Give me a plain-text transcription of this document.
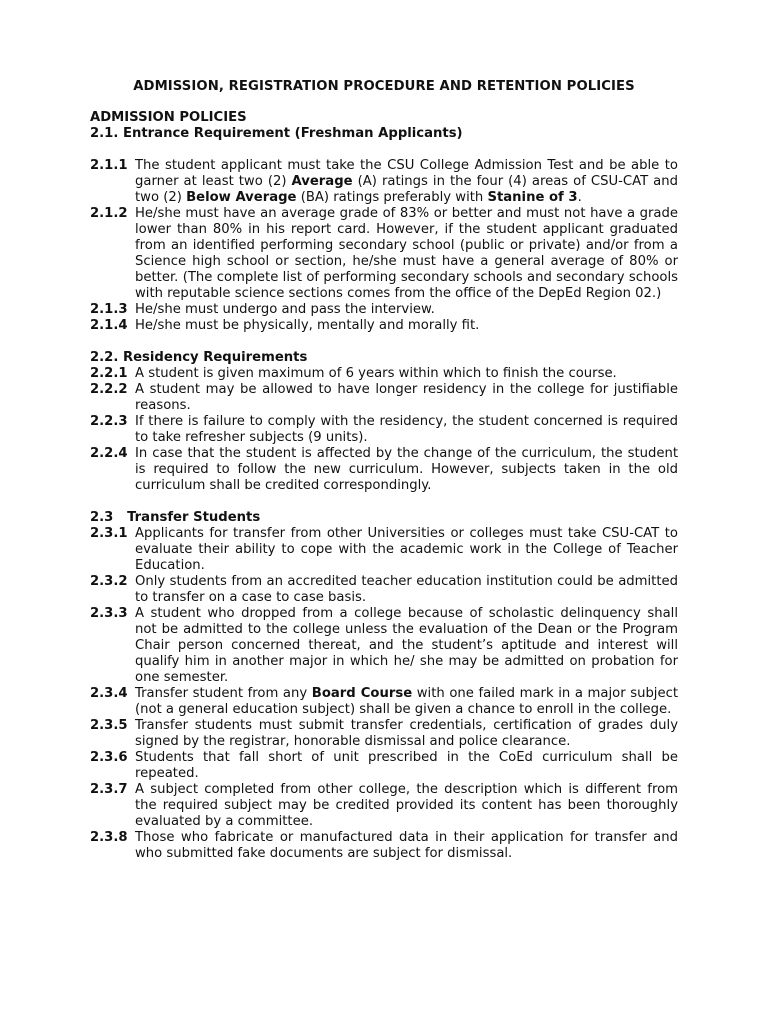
ADMISSION, REGISTRATION PROCEDURE AND RETENTION POLICIES
ADMISSION POLICIES
2.1. Entrance Requirement (Freshman Applicants)
2.1.1 The student applicant must take the CSU College Admission Test and be able to garner at least two (2) Average (A) ratings in the four (4) areas of CSU-CAT and two (2) Below Average (BA) ratings preferably with Stanine of 3.
2.1.2 He/she must have an average grade of 83% or better and must not have a grade lower than 80% in his report card. However, if the student applicant graduated from an identified performing secondary school (public or private) and/or from a Science high school or section, he/she must have a general average of 80% or better. (The complete list of performing secondary schools and secondary schools with reputable science sections comes from the office of the DepEd Region 02.)
2.1.3 He/she must undergo and pass the interview.
2.1.4 He/she must be physically, mentally and morally fit.
2.2. Residency Requirements
2.2.1 A student is given maximum of 6 years within which to finish the course.
2.2.2 A student may be allowed to have longer residency in the college for justifiable reasons.
2.2.3 If there is failure to comply with the residency, the student concerned is required to take refresher subjects (9 units).
2.2.4 In case that the student is affected by the change of the curriculum, the student is required to follow the new curriculum. However, subjects taken in the old curriculum shall be credited correspondingly.
2.3   Transfer Students
2.3.1 Applicants for transfer from other Universities or colleges must take CSU-CAT to evaluate their ability to cope with the academic work in the College of Teacher Education.
2.3.2 Only students from an accredited teacher education institution could be admitted to transfer on a case to case basis.
2.3.3 A student who dropped from a college because of scholastic delinquency shall not be admitted to the college unless the evaluation of the Dean or the Program Chair person concerned thereat, and the student’s aptitude and interest will qualify him in another major in which he/ she may be admitted on probation for one semester.
2.3.4 Transfer student from any Board Course with one failed mark in a major subject (not a general education subject) shall be given a chance to enroll in the college.
2.3.5 Transfer students must submit transfer credentials, certification of grades duly signed by the registrar, honorable dismissal and police clearance.
2.3.6 Students that fall short of unit prescribed in the CoEd curriculum shall be repeated.
2.3.7 A subject completed from other college, the description which is different from the required subject may be credited provided its content has been thoroughly evaluated by a committee.
2.3.8 Those who fabricate or manufactured data in their application for transfer and who submitted fake documents are subject for dismissal.
